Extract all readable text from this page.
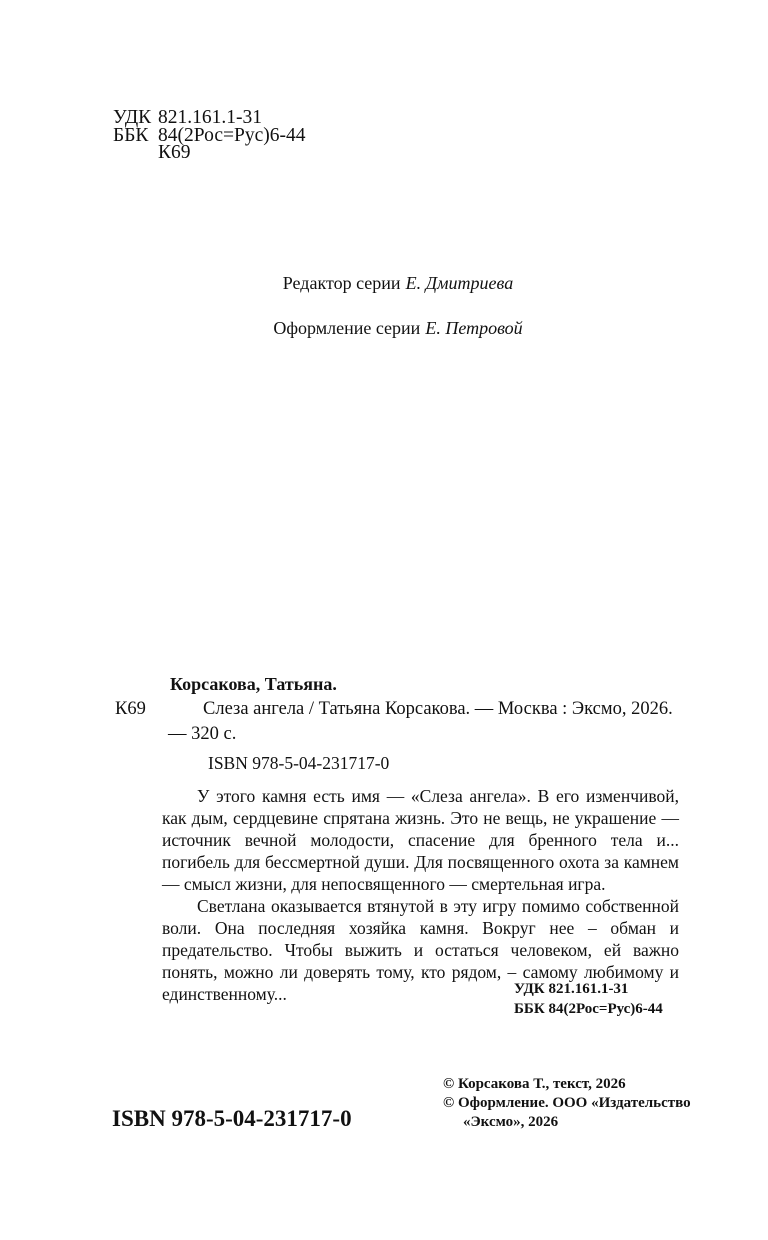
УДК 821.161.1-31
ББК 84(2Рос=Рус)6-44
К69

Редактор серии Е. Дмитриева

Оформление серии Е. Петровой

Корсакова, Татьяна.

К69	Слеза ангела / Татьяна Корсакова. — Москва : Эксмо, 2026. — 320 с.

ISBN 978-5-04-231717-0

У этого камня есть имя — «Слеза ангела». В его изменчивой, как дым, сердцевине спрятана жизнь. Это не вещь, не украшение — источник вечной молодости, спасение для бренного тела и... погибель для бессмертной души. Для посвященного охота за камнем — смысл жизни, для непосвященного — смертельная игра.

Светлана оказывается втянутой в эту игру помимо собственной воли. Она последняя хозяйка камня. Вокруг нее – обман и предательство. Чтобы выжить и остаться человеком, ей важно понять, можно ли доверять тому, кто рядом, – самому любимому и единственному...	УДК 821.161.1-31

ББК 84(2Рос=Рус)6-44

ISBN 978-5-04-231717-0

© Корсакова Т., текст, 2026

© Оформление. ООО «Издательство «Эксмо», 2026
